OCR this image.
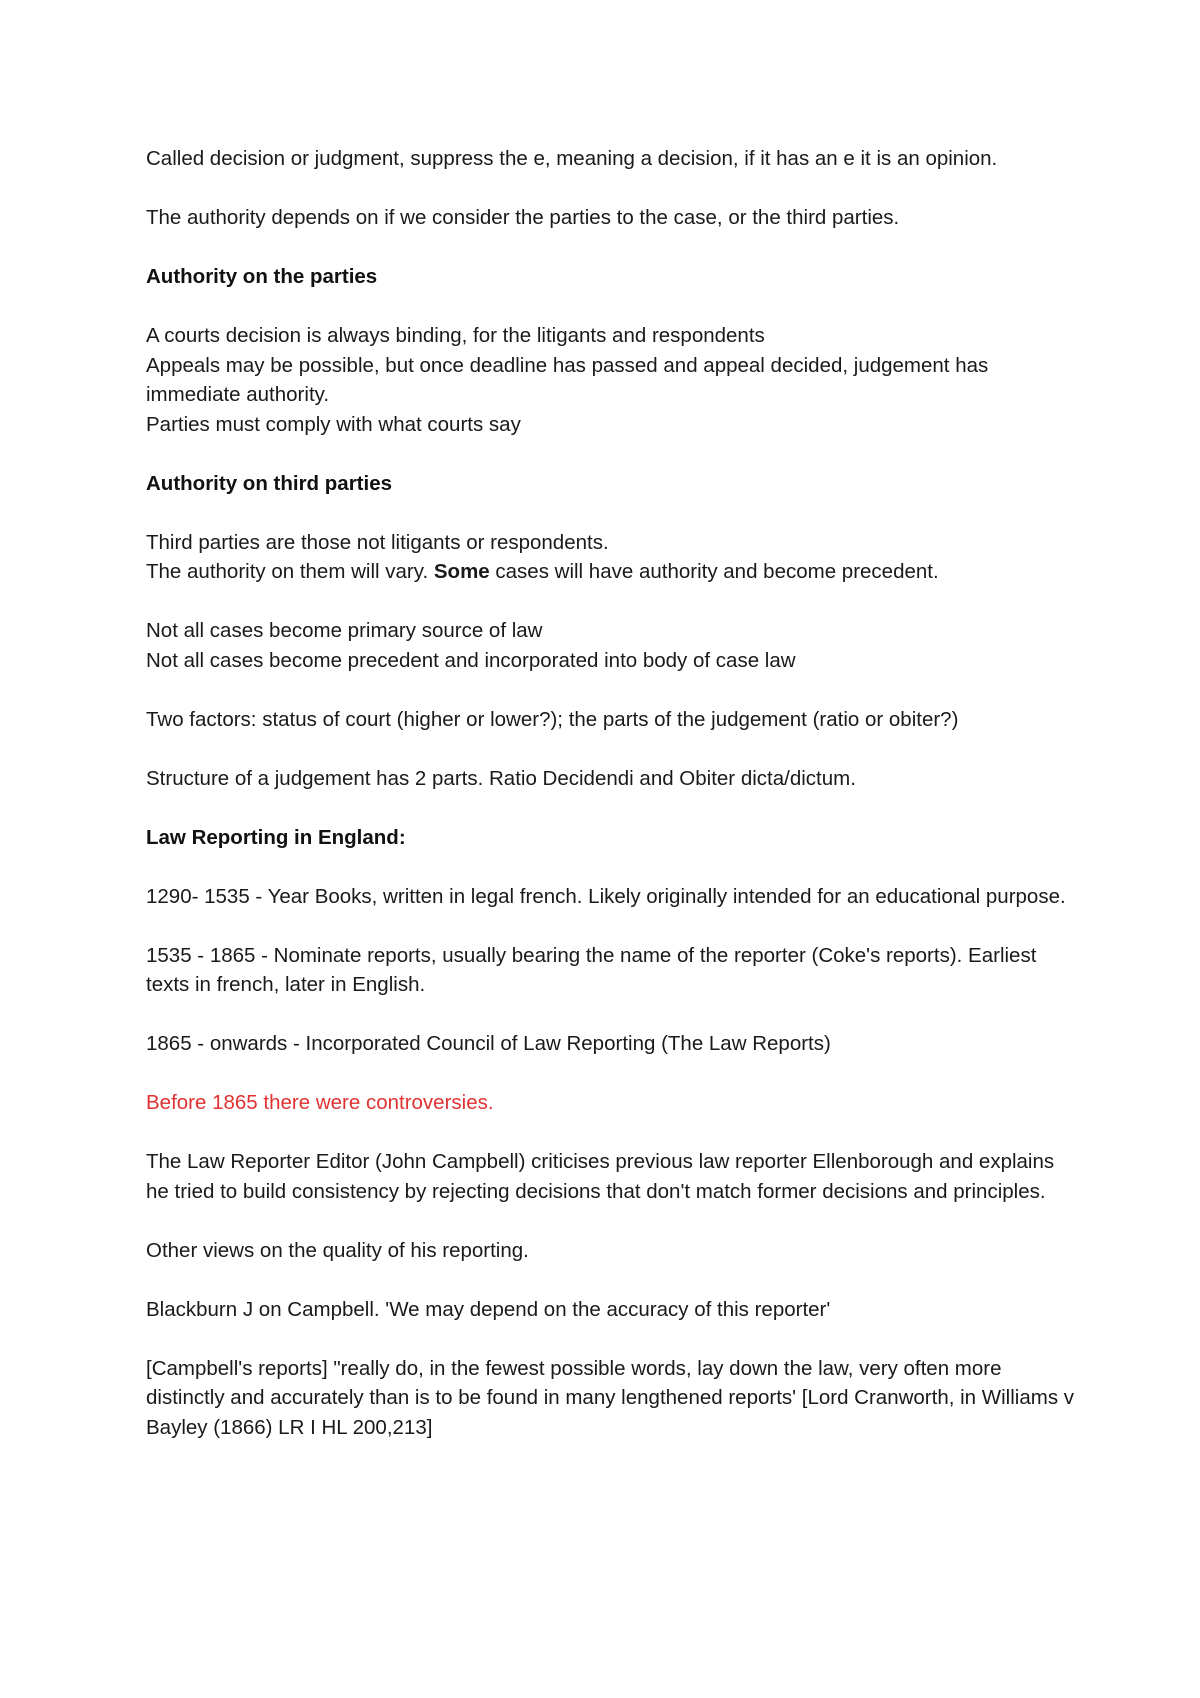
Called decision or judgment, suppress the e, meaning a decision, if it has an e it is an opinion.

The authority depends on if we consider the parties to the case, or the third parties.

Authority on the parties

A courts decision is always binding, for the litigants and respondents

Appeals may be possible, but once deadline has passed and appeal decided, judgement has immediate authority.

Parties must comply with what courts say

Authority on third parties

Third parties are those not litigants or respondents.

The authority on them will vary. Some cases will have authority and become precedent.

Not all cases become primary source of law

Not all cases become precedent and incorporated into body of case law

Two factors: status of court (higher or lower?); the parts of the judgement (ratio or obiter?)

Structure of a judgement has 2 parts. Ratio Decidendi and Obiter dicta/dictum.

Law Reporting in England:

1290- 1535 - Year Books, written in legal french. Likely originally intended for an educational purpose.

1535 - 1865 - Nominate reports, usually bearing the name of the reporter (Coke's reports). Earliest texts in french, later in English.

1865 - onwards - Incorporated Council of Law Reporting (The Law Reports)

Before 1865 there were controversies.

The Law Reporter Editor (John Campbell) criticises previous law reporter Ellenborough and explains he tried to build consistency by rejecting decisions that don't match former decisions and principles.

Other views on the quality of his reporting.

Blackburn J on Campbell. 'We may depend on the accuracy of this reporter'

[Campbell's reports] "really do, in the fewest possible words, lay down the law, very often more distinctly and accurately than is to be found in many lengthened reports' [Lord Cranworth, in Williams v Bayley (1866) LR I HL 200,213]
